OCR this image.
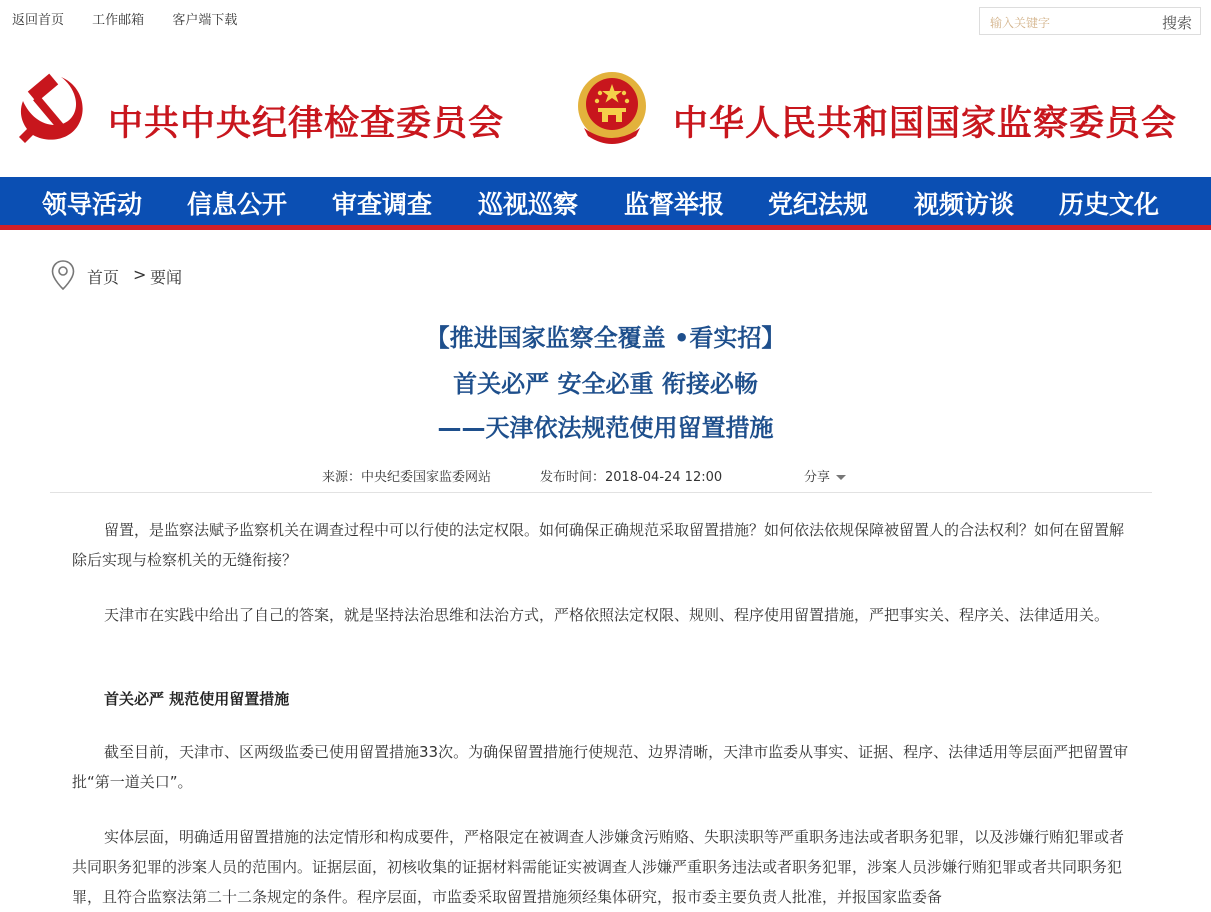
返回首页 工作邮箱 客户端下载
输入关键字	搜索
中共中央纪律检查委员会	中华人民共和国国家监察委员会
领导活动 信息公开 审查调查 巡视巡察 监督举报 党纪法规 视频访谈 历史文化
首页 > 要闻
【推进国家监察全覆盖 •看实招】
首关必严 安全必重 衔接必畅
——天津依法规范使用留置措施
来源：中央纪委国家监委网站	发布时间：2018-04-24 12:00	分享

留置，是监察法赋予监察机关在调查过程中可以行使的法定权限。如何确保正确规范采取留置措施？如何依法依规保障被留置人的合法权利？如何在留置解除后实现与检察机关的无缝衔接？

天津市在实践中给出了自己的答案，就是坚持法治思维和法治方式，严格依照法定权限、规则、程序使用留置措施，严把事实关、程序关、法律适用关。

首关必严 规范使用留置措施

截至目前，天津市、区两级监委已使用留置措施33次。为确保留置措施行使规范、边界清晰，天津市监委从事实、证据、程序、法律适用等层面严把留置审批“第一道关口”。

实体层面，明确适用留置措施的法定情形和构成要件，严格限定在被调查人涉嫌贪污贿赂、失职渎职等严重职务违法或者职务犯罪，以及涉嫌行贿犯罪或者共同职务犯罪的涉案人员的范围内。证据层面，初核收集的证据材料需能证实被调查人涉嫌严重职务违法或者职务犯罪，涉案人员涉嫌行贿犯罪或者共同职务犯罪，且符合监察法第二十二条规定的条件。程序层面，市监委采取留置措施须经集体研究，报市委主要负责人批准，并报国家监委备
